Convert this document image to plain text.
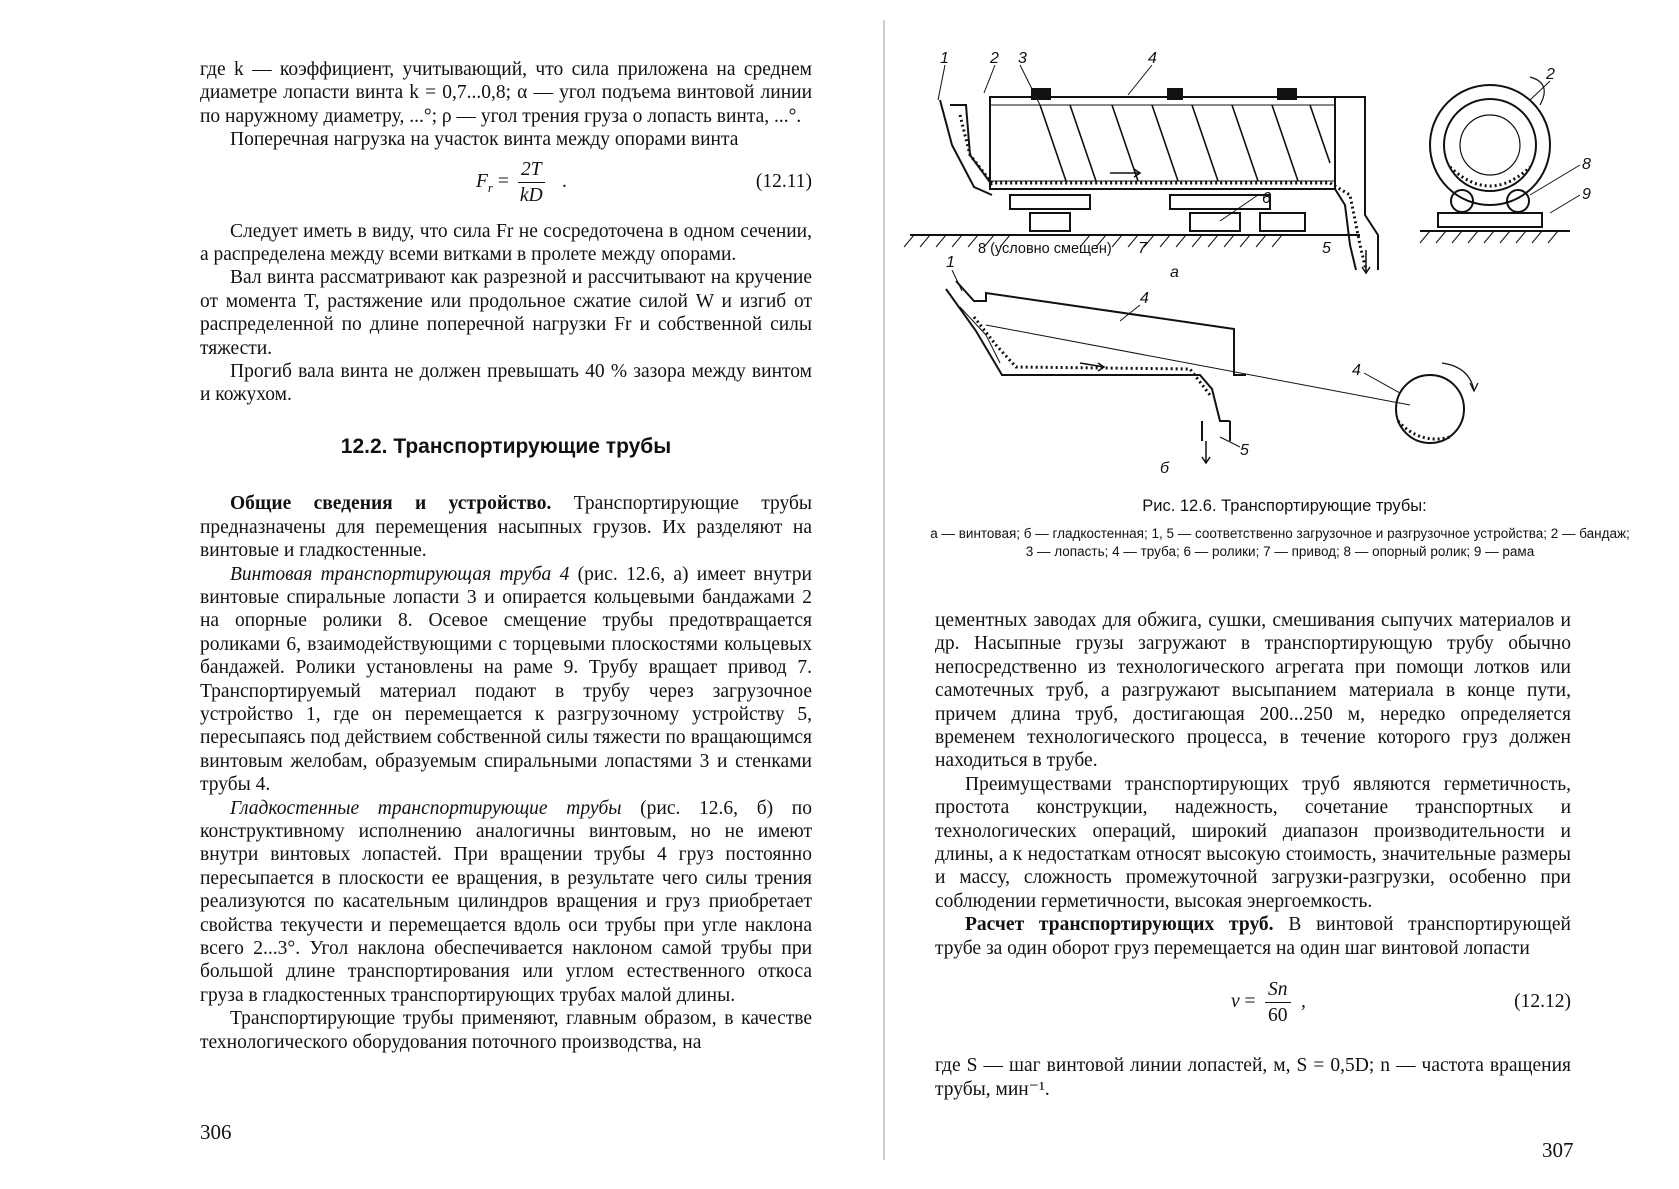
где k — коэффициент, учитывающий, что сила приложена на среднем диаметре лопасти винта k = 0,7...0,8; α — угол подъема винтовой линии по наружному диаметру, ...°; ρ — угол трения груза о лопасть винта, ...°.

Поперечная нагрузка на участок винта между опорами винта

$F_r = \frac{2T}{kD}$ .	(12.11)

Следует иметь в виду, что сила Fr не сосредоточена в одном сечении, а распределена между всеми витками в пролете между опорами.

Вал винта рассматривают как разрезной и рассчитывают на кручение от момента T, растяжение или продольное сжатие силой W и изгиб от распределенной по длине поперечной нагрузки Fr и собственной силы тяжести.

Прогиб вала винта не должен превышать 40 % зазора между винтом и кожухом.

12.2. Транспортирующие трубы

Общие сведения и устройство. Транспортирующие трубы предназначены для перемещения насыпных грузов. Их разделяют на винтовые и гладкостенные.

Винтовая транспортирующая труба 4 (рис. 12.6, а) имеет внутри винтовые спиральные лопасти 3 и опирается кольцевыми бандажами 2 на опорные ролики 8. Осевое смещение трубы предотвращается роликами 6, взаимодействующими с торцевыми плоскостями кольцевых бандажей. Ролики установлены на раме 9. Трубу вращает привод 7. Транспортируемый материал подают в трубу через загрузочное устройство 1, где он перемещается к разгрузочному устройству 5, пересыпаясь под действием собственной силы тяжести по вращающимся винтовым желобам, образуемым спиральными лопастями 3 и стенками трубы 4.

Гладкостенные транспортирующие трубы (рис. 12.6, б) по конструктивному исполнению аналогичны винтовым, но не имеют внутри винтовых лопастей. При вращении трубы 4 груз постоянно пересыпается в плоскости ее вращения, в результате чего силы трения реализуются по касательным цилиндров вращения и груз приобретает свойства текучести и перемещается вдоль оси трубы при угле наклона всего 2...3°. Угол наклона обеспечивается наклоном самой трубы при большой длине транспортирования или углом естественного откоса груза в гладкостенных транспортирующих трубах малой длины.

Транспортирующие трубы применяют, главным образом, в качестве технологического оборудования поточного производства, на

306
1	2 3	4
2
8
9
6
8 (условно смещен) 7	5
а
1
4
4
5
б
Рис. 12.6. Транспортирующие трубы:
а — винтовая; б — гладкостенная; 1, 5 — соответственно загрузочное и разгрузочное устройства; 2 — бандаж; 3 — лопасть; 4 — труба; 6 — ролики; 7 — привод; 8 — опорный ролик; 9 — рама

цементных заводах для обжига, сушки, смешивания сыпучих материалов и др. Насыпные грузы загружают в транспортирующую трубу обычно непосредственно из технологического агрегата при помощи лотков или самотечных труб, а разгружают высыпанием материала в конце пути, причем длина труб, достигающая 200...250 м, нередко определяется временем технологического процесса, в течение которого груз должен находиться в трубе.

Преимуществами транспортирующих труб являются герметичность, простота конструкции, надежность, сочетание транспортных и технологических операций, широкий диапазон производительности и длины, а к недостаткам относят высокую стоимость, значительные размеры и массу, сложность промежуточной загрузки-разгрузки, особенно при соблюдении герметичности, высокая энергоемкость.

Расчет транспортирующих труб. В винтовой транспортирующей трубе за один оборот груз перемещается на один шаг винтовой лопасти

$v = \frac{Sn}{60}$ ,	(12.12)

где S — шаг винтовой линии лопастей, м, S = 0,5D; n — частота вращения трубы, мин⁻¹.

307
